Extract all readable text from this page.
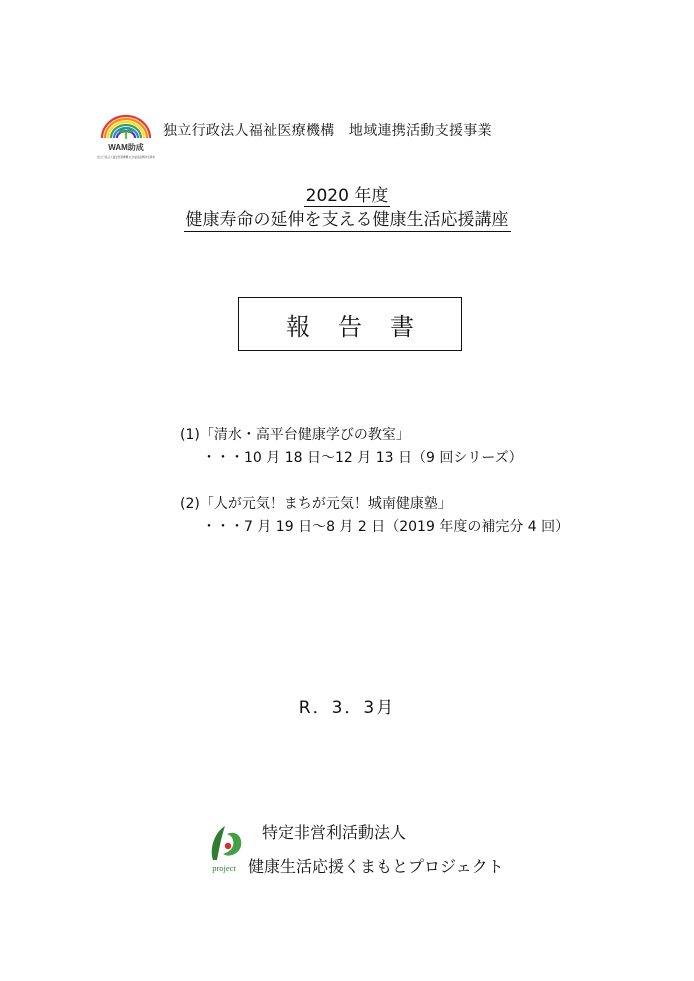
WAM助成
独立行政法人福祉医療機構 社会福祉振興助成事業
独立行政法人福祉医療機構　地域連携活動支援事業
2020 年度
健康寿命の延伸を支える健康生活応援講座
報告書
(1)「清水・高平台健康学びの教室」
・・・10 月 18 日～12 月 13 日（9 回シリーズ）
(2)「人が元気！まちが元気！城南健康塾」
・・・7 月 19 日～8 月 2 日（2019 年度の補完分 4 回）
R．3．3月
project
特定非営利活動法人
健康生活応援くまもとプロジェクト
